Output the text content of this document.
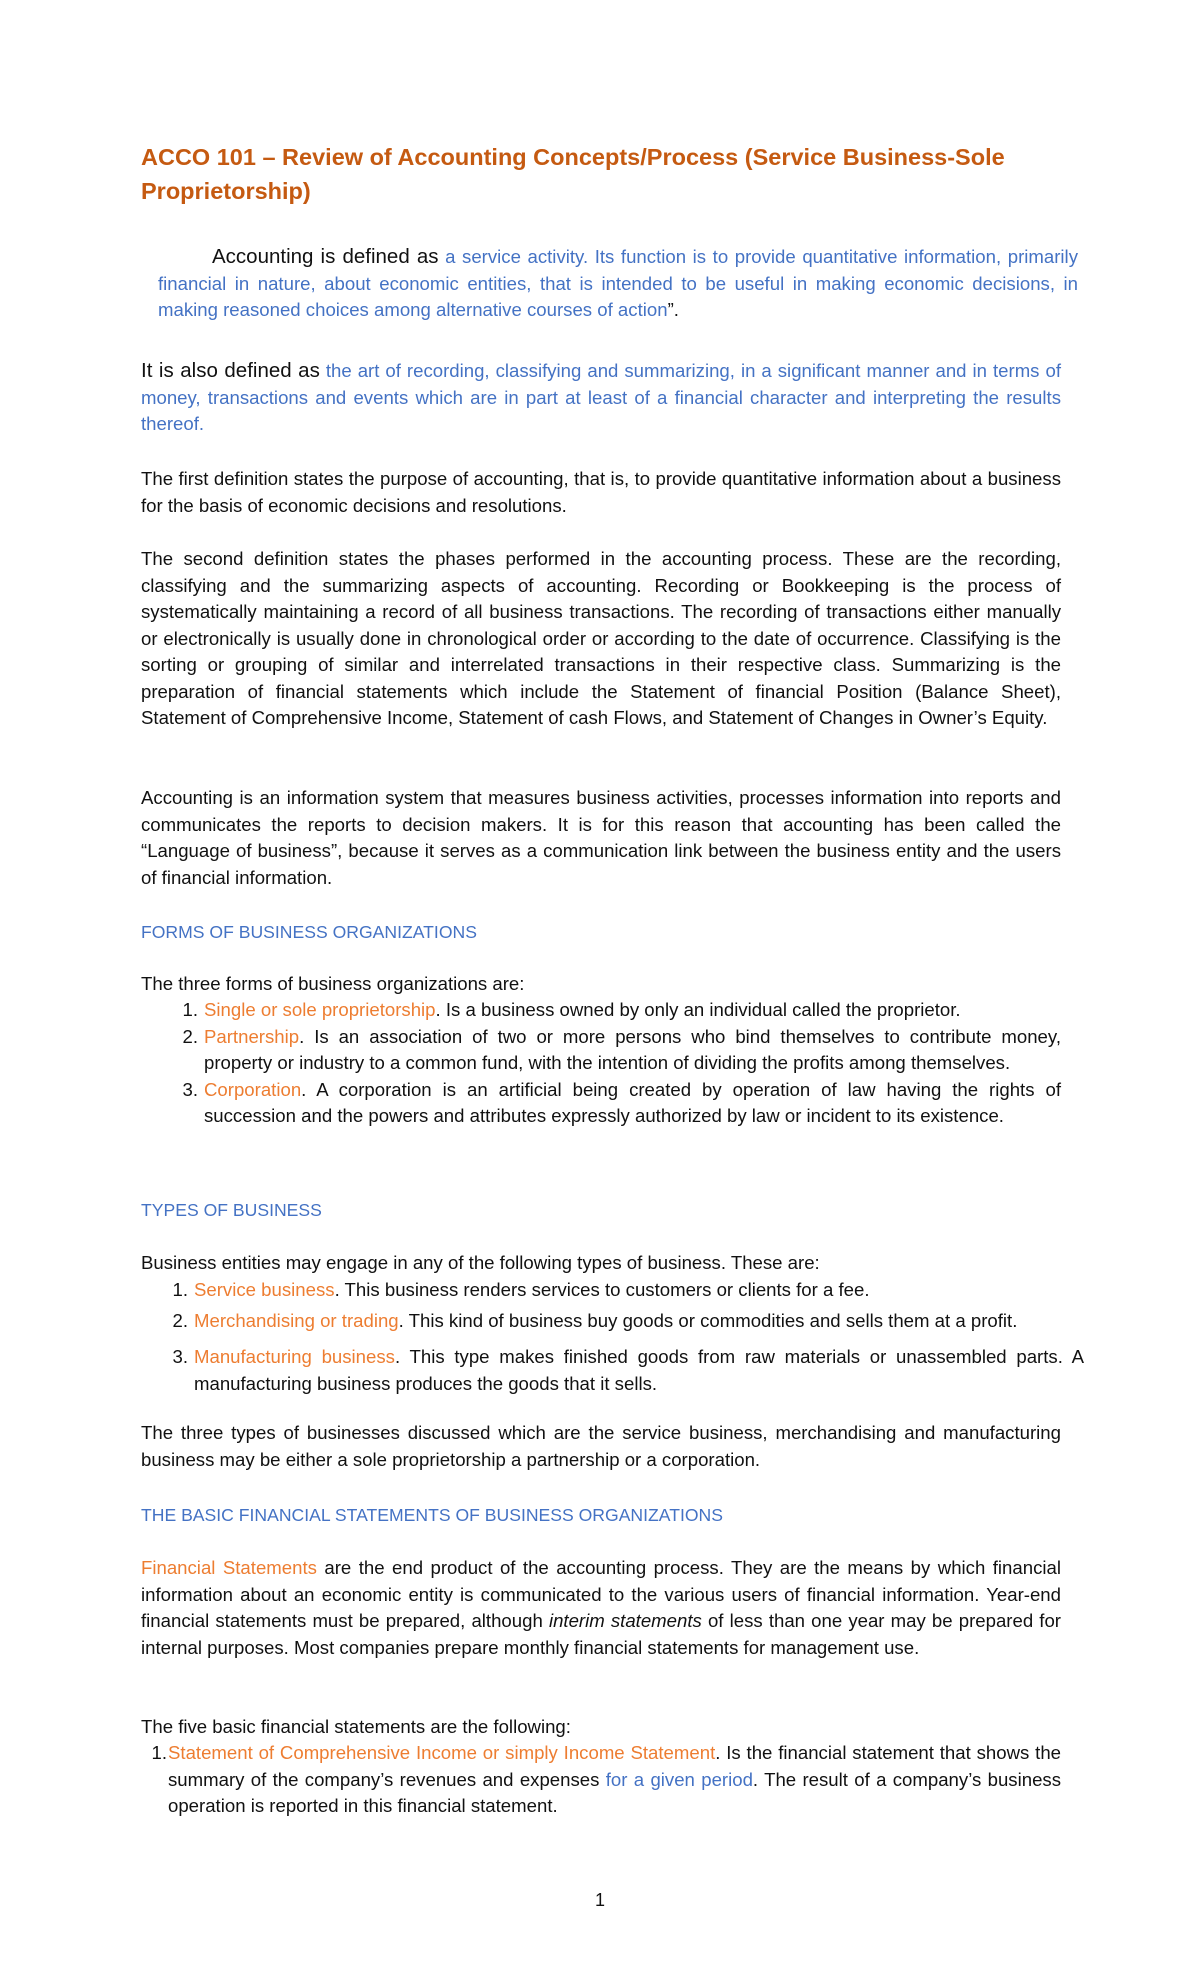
ACCO 101 – Review of Accounting Concepts/Process (Service Business-Sole Proprietorship)

Accounting is defined as a service activity. Its function is to provide quantitative information, primarily financial in nature, about economic entities, that is intended to be useful in making economic decisions, in making reasoned choices among alternative courses of action”.

It is also defined as the art of recording, classifying and summarizing, in a significant manner and in terms of money, transactions and events which are in part at least of a financial character and interpreting the results thereof.

The first definition states the purpose of accounting, that is, to provide quantitative information about a business for the basis of economic decisions and resolutions.

The second definition states the phases performed in the accounting process. These are the recording, classifying and the summarizing aspects of accounting. Recording or Bookkeeping is the process of systematically maintaining a record of all business transactions. The recording of transactions either manually or electronically is usually done in chronological order or according to the date of occurrence. Classifying is the sorting or grouping of similar and interrelated transactions in their respective class. Summarizing is the preparation of financial statements which include the Statement of financial Position (Balance Sheet), Statement of Comprehensive Income, Statement of cash Flows, and Statement of Changes in Owner’s Equity.

Accounting is an information system that measures business activities, processes information into reports and communicates the reports to decision makers. It is for this reason that accounting has been called the “Language of business”, because it serves as a communication link between the business entity and the users of financial information.

FORMS OF BUSINESS ORGANIZATIONS

The three forms of business organizations are:

1. Single or sole proprietorship. Is a business owned by only an individual called the proprietor.
2. Partnership. Is an association of two or more persons who bind themselves to contribute money, property or industry to a common fund, with the intention of dividing the profits among themselves.
3. Corporation. A corporation is an artificial being created by operation of law having the rights of succession and the powers and attributes expressly authorized by law or incident to its existence.
TYPES OF BUSINESS

Business entities may engage in any of the following types of business. These are:

1. Service business. This business renders services to customers or clients for a fee.
2. Merchandising or trading. This kind of business buy goods or commodities and sells them at a profit.
3. Manufacturing business. This type makes finished goods from raw materials or unassembled parts. A manufacturing business produces the goods that it sells.

The three types of businesses discussed which are the service business, merchandising and manufacturing business may be either a sole proprietorship a partnership or a corporation.

THE BASIC FINANCIAL STATEMENTS OF BUSINESS ORGANIZATIONS

Financial Statements are the end product of the accounting process. They are the means by which financial information about an economic entity is communicated to the various users of financial information. Year-end financial statements must be prepared, although interim statements of less than one year may be prepared for internal purposes. Most companies prepare monthly financial statements for management use.

The five basic financial statements are the following:

1. Statement of Comprehensive Income or simply Income Statement. Is the financial statement that shows the summary of the company’s revenues and expenses for a given period. The result of a company’s business operation is reported in this financial statement.
1
